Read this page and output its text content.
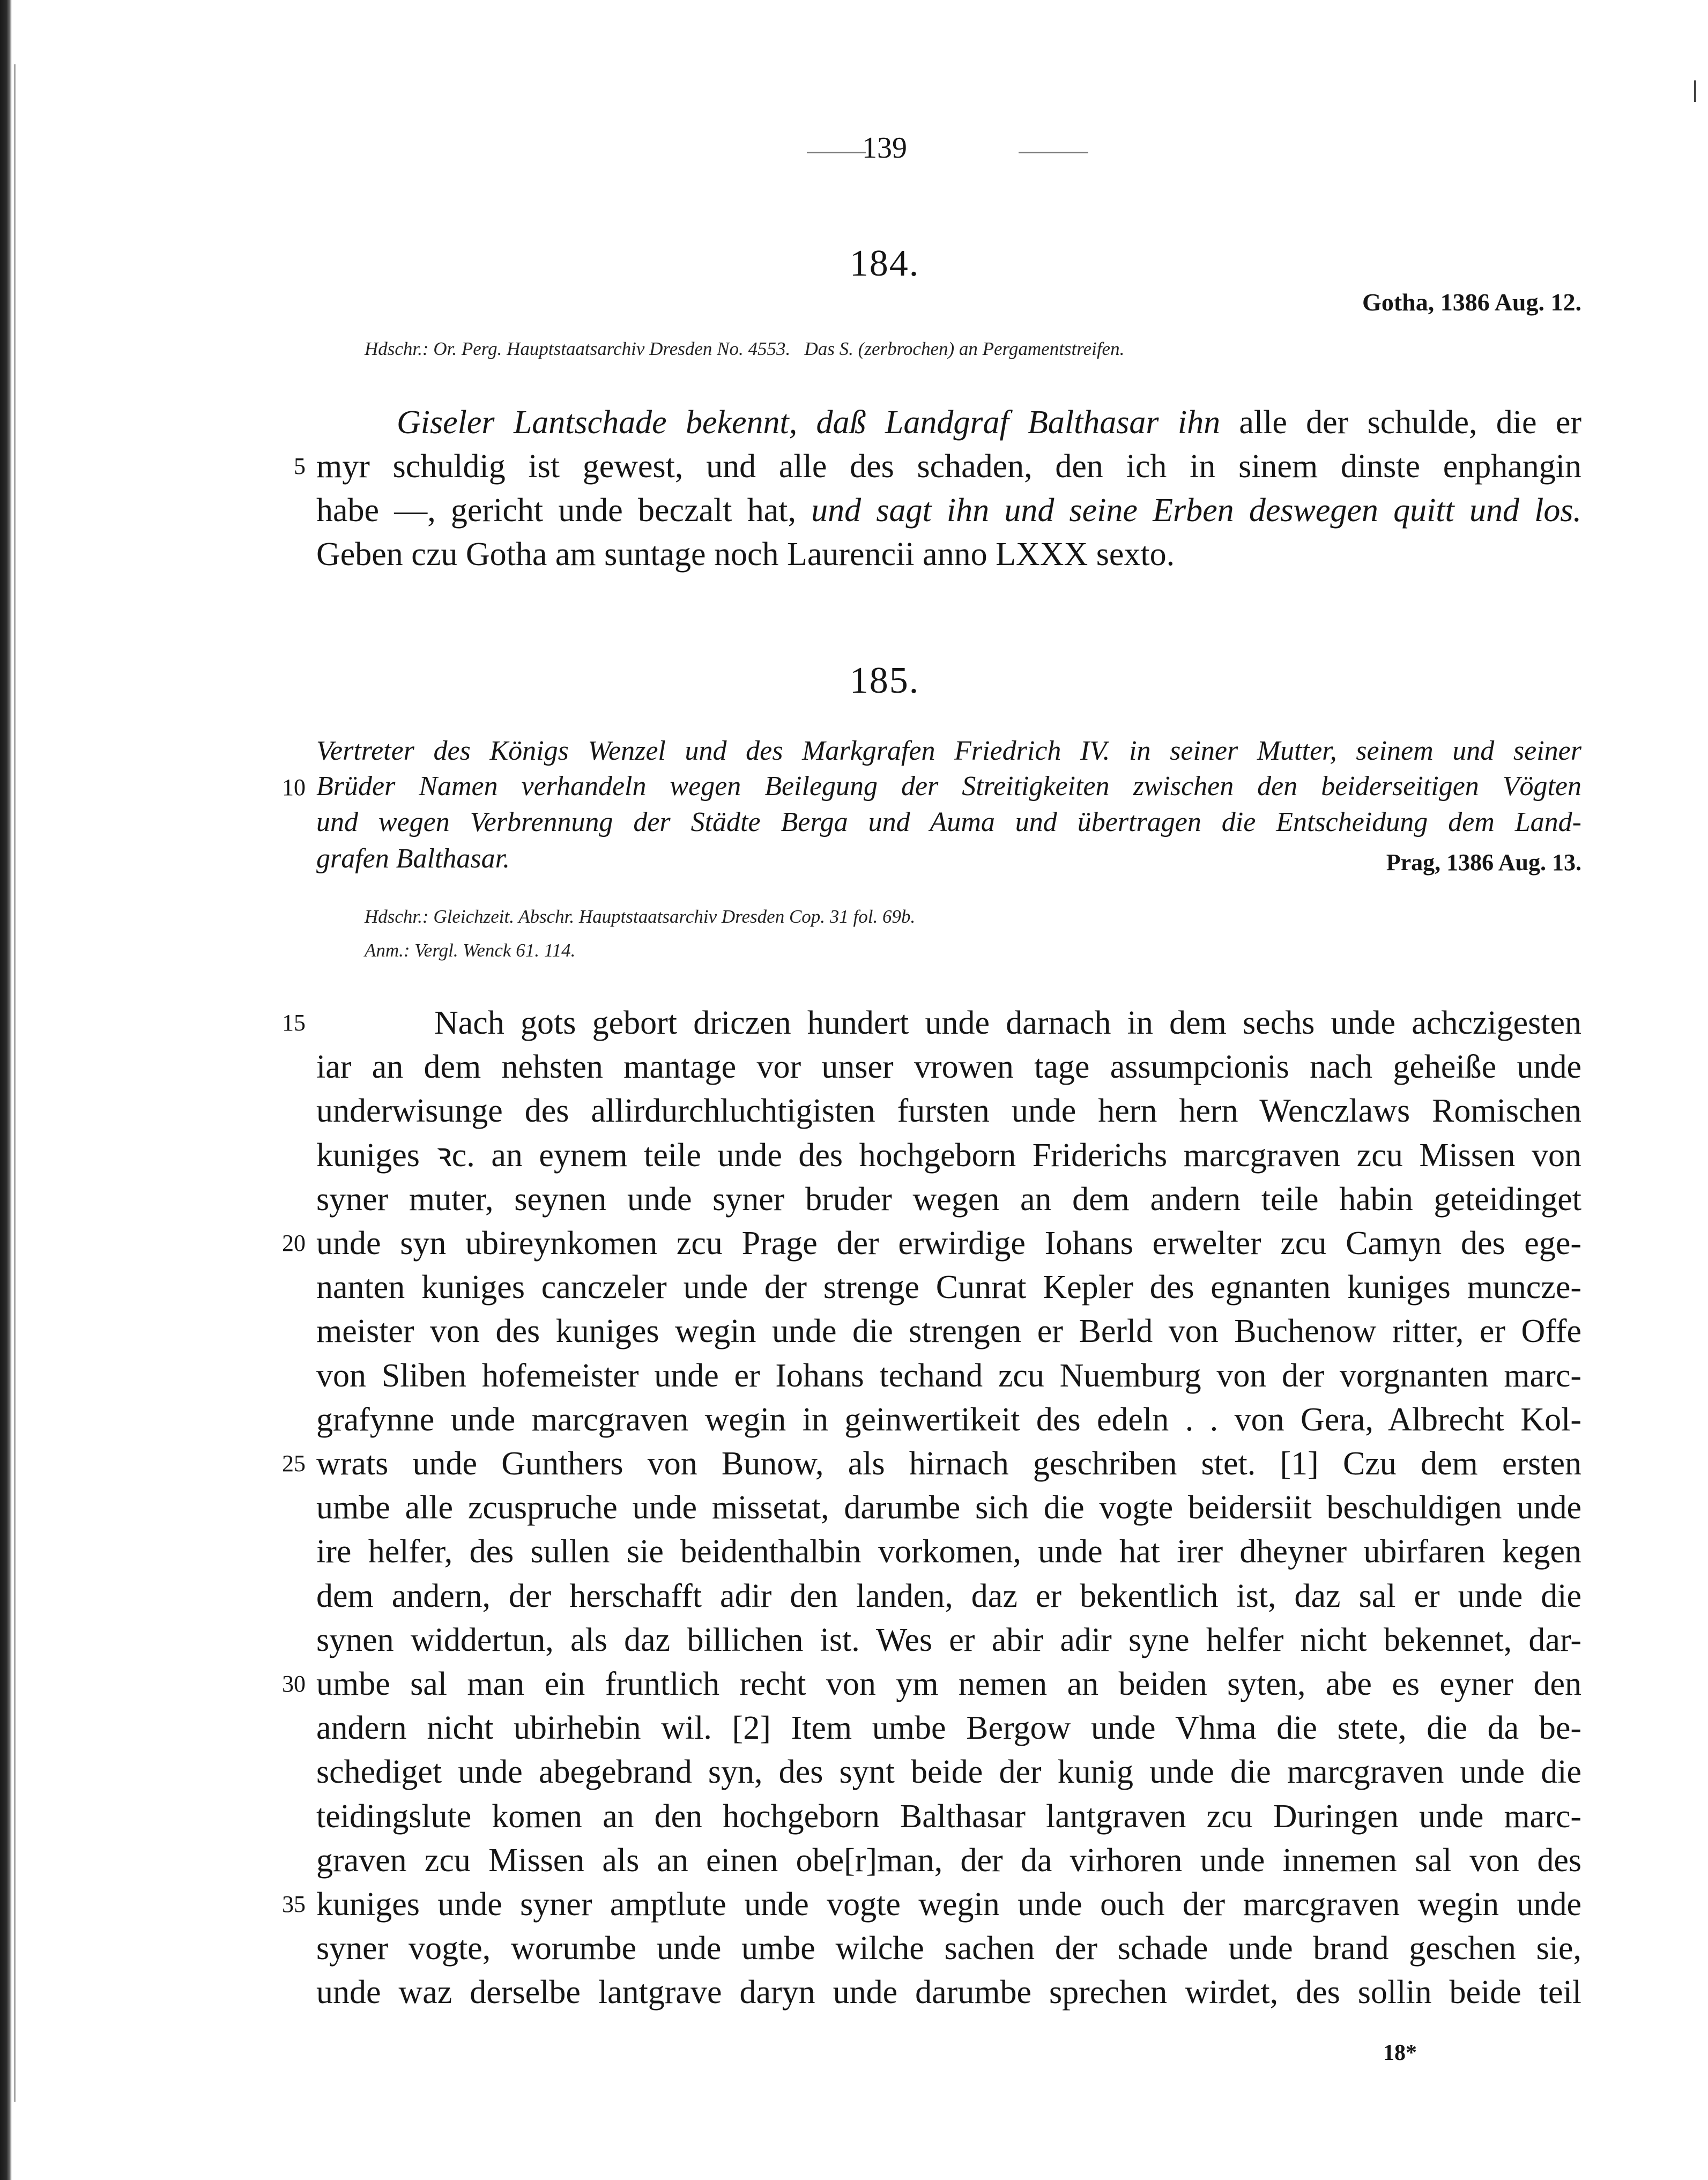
139
184.
Gotha, 1386 Aug. 12.
Hdschr.: Or. Perg. Hauptstaatsarchiv Dresden No. 4553.   Das S. (zerbrochen) an Pergamentstreifen.
Giseler Lantschade bekennt, daß Landgraf Balthasar ihn alle der schulde, die er
myr schuldig ist gewest, und alle des schaden, den ich in sinem dinste enphangin
5
habe —, gericht unde beczalt hat, und sagt ihn und seine Erben deswegen quitt und los.
Geben czu Gotha am suntage noch Laurencii anno LXXX sexto.
185.
Vertreter des Königs Wenzel und des Markgrafen Friedrich IV. in seiner Mutter, seinem und seiner
Brüder Namen verhandeln wegen Beilegung der Streitigkeiten zwischen den beiderseitigen Vögten
10
und wegen Verbrennung der Städte Berga und Auma und übertragen die Entscheidung dem Land-
grafen Balthasar.	Prag, 1386 Aug. 13.
Hdschr.: Gleichzeit. Abschr. Hauptstaatsarchiv Dresden Cop. 31 fol. 69b.
Anm.: Vergl. Wenck 61. 114.
Nach gots gebort driczen hundert unde darnach in dem sechs unde achczigesten
15
iar an dem nehsten mantage vor unser vrowen tage assumpcionis nach geheiße unde
underwisunge des allirdurchluchtigisten fursten unde hern hern Wenczlaws Romischen
kuniges ꝛc. an eynem teile unde des hochgeborn Friderichs marcgraven zcu Missen von
syner muter, seynen unde syner bruder wegen an dem andern teile habin geteidinget
unde syn ubireynkomen zcu Prage der erwirdige Iohans erwelter zcu Camyn des ege-
20
nanten kuniges canczeler unde der strenge Cunrat Kepler des egnanten kuniges muncze-
meister von des kuniges wegin unde die strengen er Berld von Buchenow ritter, er Offe
von Sliben hofemeister unde er Iohans techand zcu Nuemburg von der vorgnanten marc-
grafynne unde marcgraven wegin in geinwertikeit des edeln . . von Gera, Albrecht Kol-
wrats unde Gunthers von Bunow, als hirnach geschriben stet. [1] Czu dem ersten
25
umbe alle zcuspruche unde missetat, darumbe sich die vogte beidersiit beschuldigen unde
ire helfer, des sullen sie beidenthalbin vorkomen, unde hat irer dheyner ubirfaren kegen
dem andern, der herschafft adir den landen, daz er bekentlich ist, daz sal er unde die
synen widdertun, als daz billichen ist. Wes er abir adir syne helfer nicht bekennet, dar-
umbe sal man ein fruntlich recht von ym nemen an beiden syten, abe es eyner den
30
andern nicht ubirhebin wil. [2] Item umbe Bergow unde Vhma die stete, die da be-
schediget unde abegebrand syn, des synt beide der kunig unde die marcgraven unde die
teidingslute komen an den hochgeborn Balthasar lantgraven zcu Duringen unde marc-
graven zcu Missen als an einen obe[r]man, der da virhoren unde innemen sal von des
kuniges unde syner amptlute unde vogte wegin unde ouch der marcgraven wegin unde
35
syner vogte, worumbe unde umbe wilche sachen der schade unde brand geschen sie,
unde waz derselbe lantgrave daryn unde darumbe sprechen wirdet, des sollin beide teil
18*
